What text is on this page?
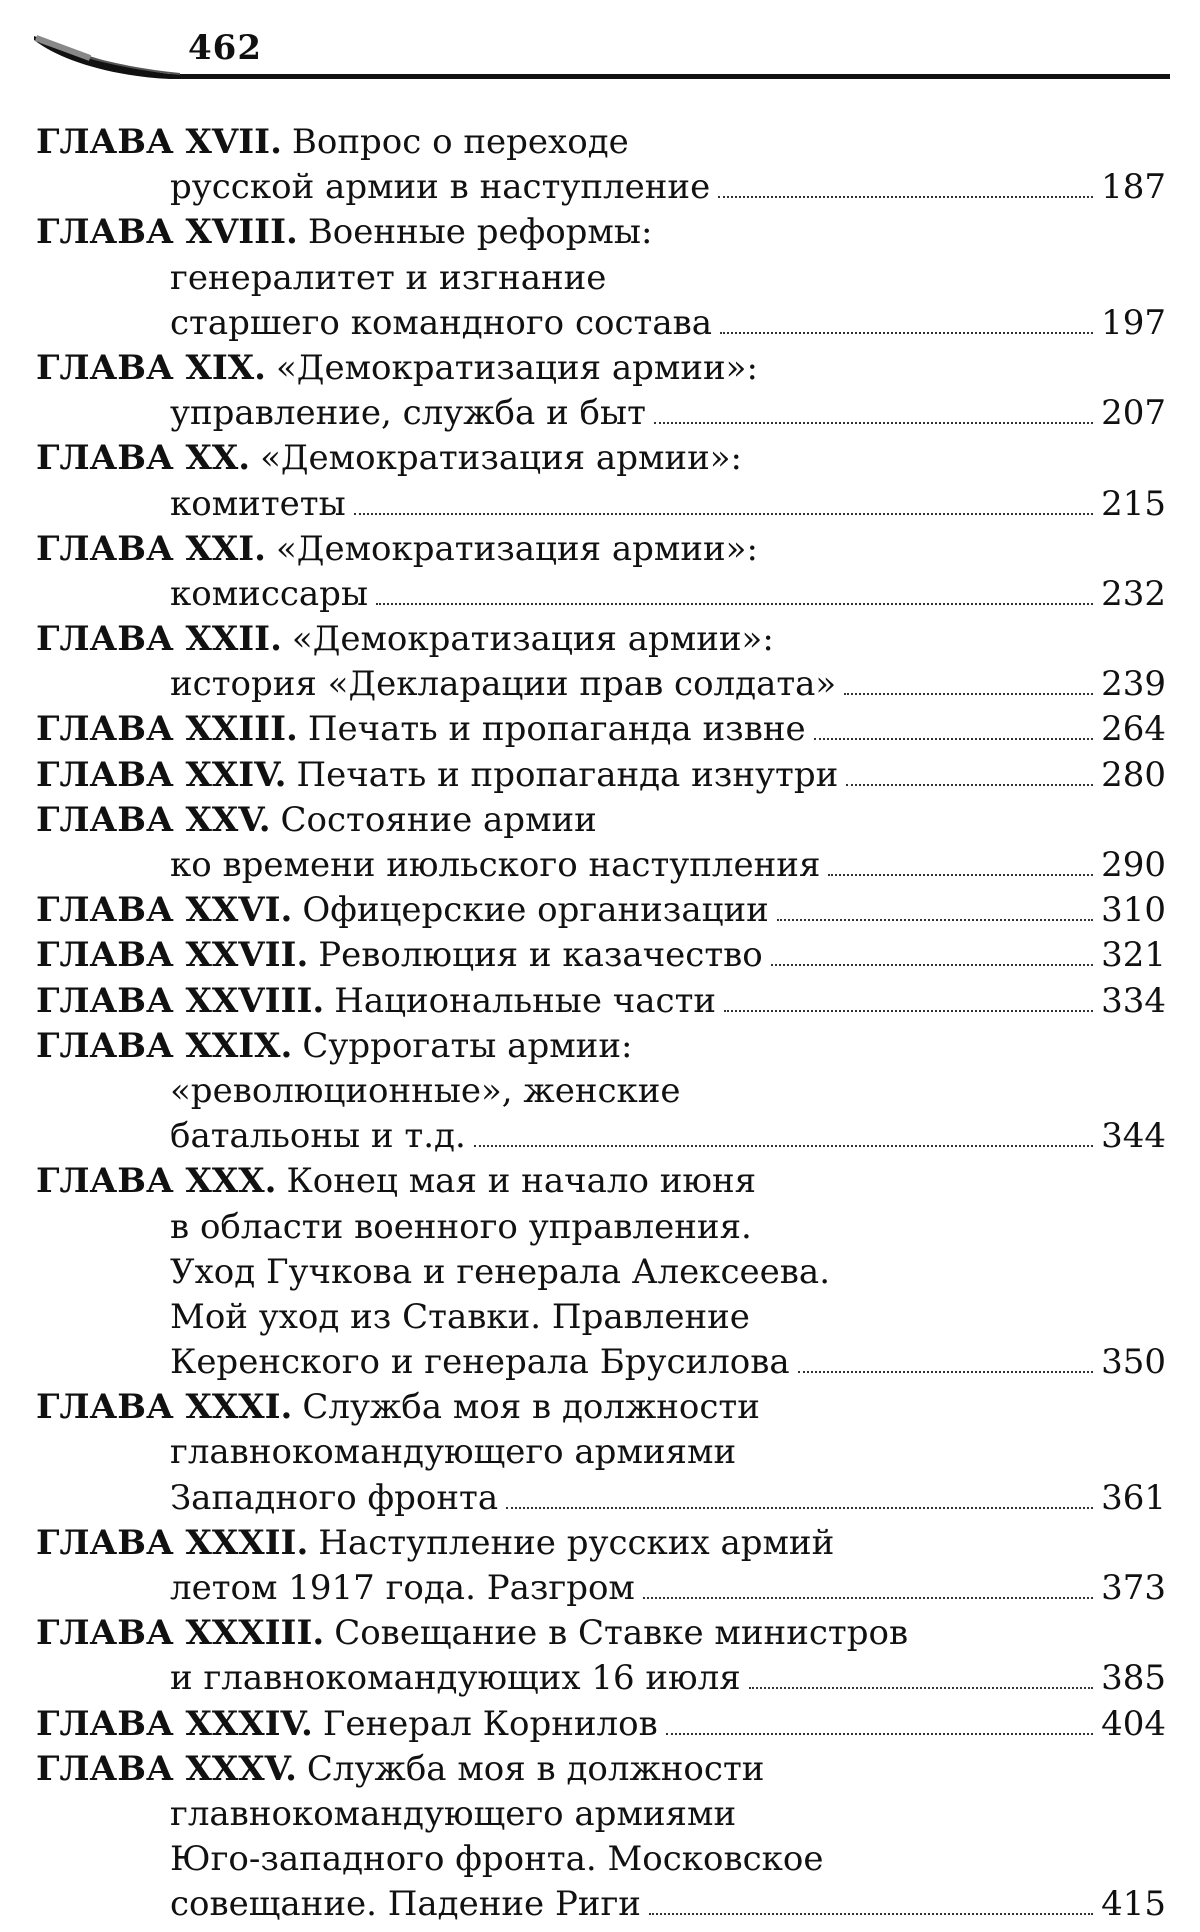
462
ГЛАВА XVII. Вопрос о переходе
русской армии в наступление	187
ГЛАВА XVIII. Военные реформы:
генералитет и изгнание
старшего командного состава	197
ГЛАВА XIX. «Демократизация армии»:
управление, служба и быт	207
ГЛАВА XX. «Демократизация армии»:
комитеты	215
ГЛАВА XXI. «Демократизация армии»:
комиссары	232
ГЛАВА XXII. «Демократизация армии»:
история «Декларации прав солдата»	239
ГЛАВА XXIII. Печать и пропаганда извне	264
ГЛАВА XXIV. Печать и пропаганда изнутри	280
ГЛАВА XXV. Состояние армии
ко времени июльского наступления	290
ГЛАВА XXVI. Офицерские организации	310
ГЛАВА XXVII. Революция и казачество	321
ГЛАВА XXVIII. Национальные части	334
ГЛАВА XXIX. Суррогаты армии:
«революционные», женские
батальоны и т.д.	344
ГЛАВА XXX. Конец мая и начало июня
в области военного управления.
Уход Гучкова и генерала Алексеева.
Мой уход из Ставки. Правление
Керенского и генерала Брусилова	350
ГЛАВА XXXI. Служба моя в должности
главнокомандующего армиями
Западного фронта	361
ГЛАВА XXXII. Наступление русских армий
летом 1917 года. Разгром	373
ГЛАВА XXXIII. Совещание в Ставке министров
и главнокомандующих 16 июля	385
ГЛАВА XXXIV. Генерал Корнилов	404
ГЛАВА XXXV. Служба моя в должности
главнокомандующего армиями
Юго-западного фронта. Московское
совещание. Падение Риги	415
